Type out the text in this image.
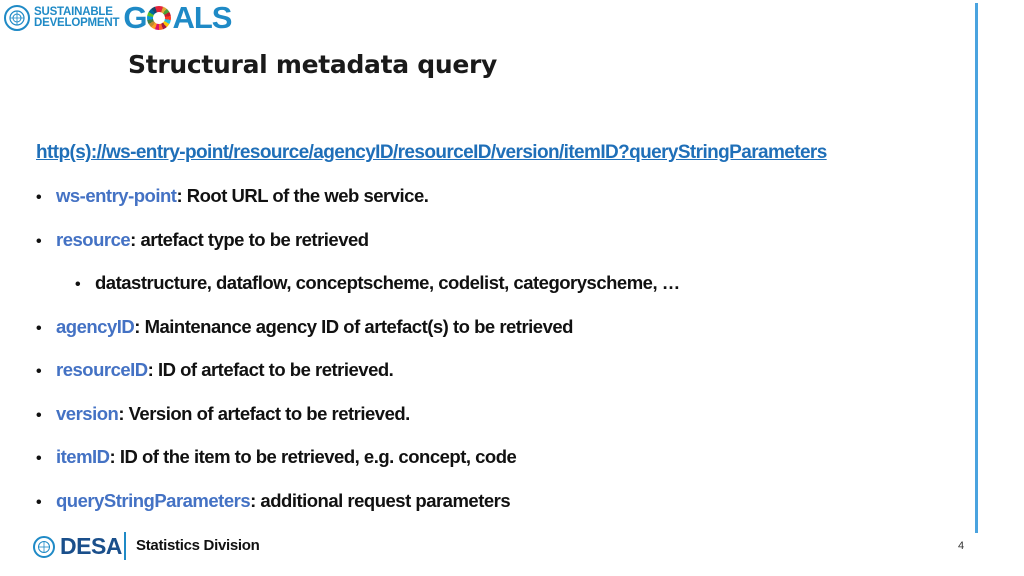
SUSTAINABLE
DEVELOPMENT G ALS
Structural metadata query
http(s)://ws-entry-point/resource/agencyID/resourceID/version/itemID?queryStringParameters
• ws-entry-point: Root URL of the web service.
• resource: artefact type to be retrieved
• datastructure, dataflow, conceptscheme, codelist, categoryscheme, …
• agencyID: Maintenance agency ID of artefact(s) to be retrieved
• resourceID: ID of artefact to be retrieved.
• version: Version of artefact to be retrieved.
• itemID: ID of the item to be retrieved, e.g. concept, code
• queryStringParameters: additional request parameters
DESA Statistics Division	4
